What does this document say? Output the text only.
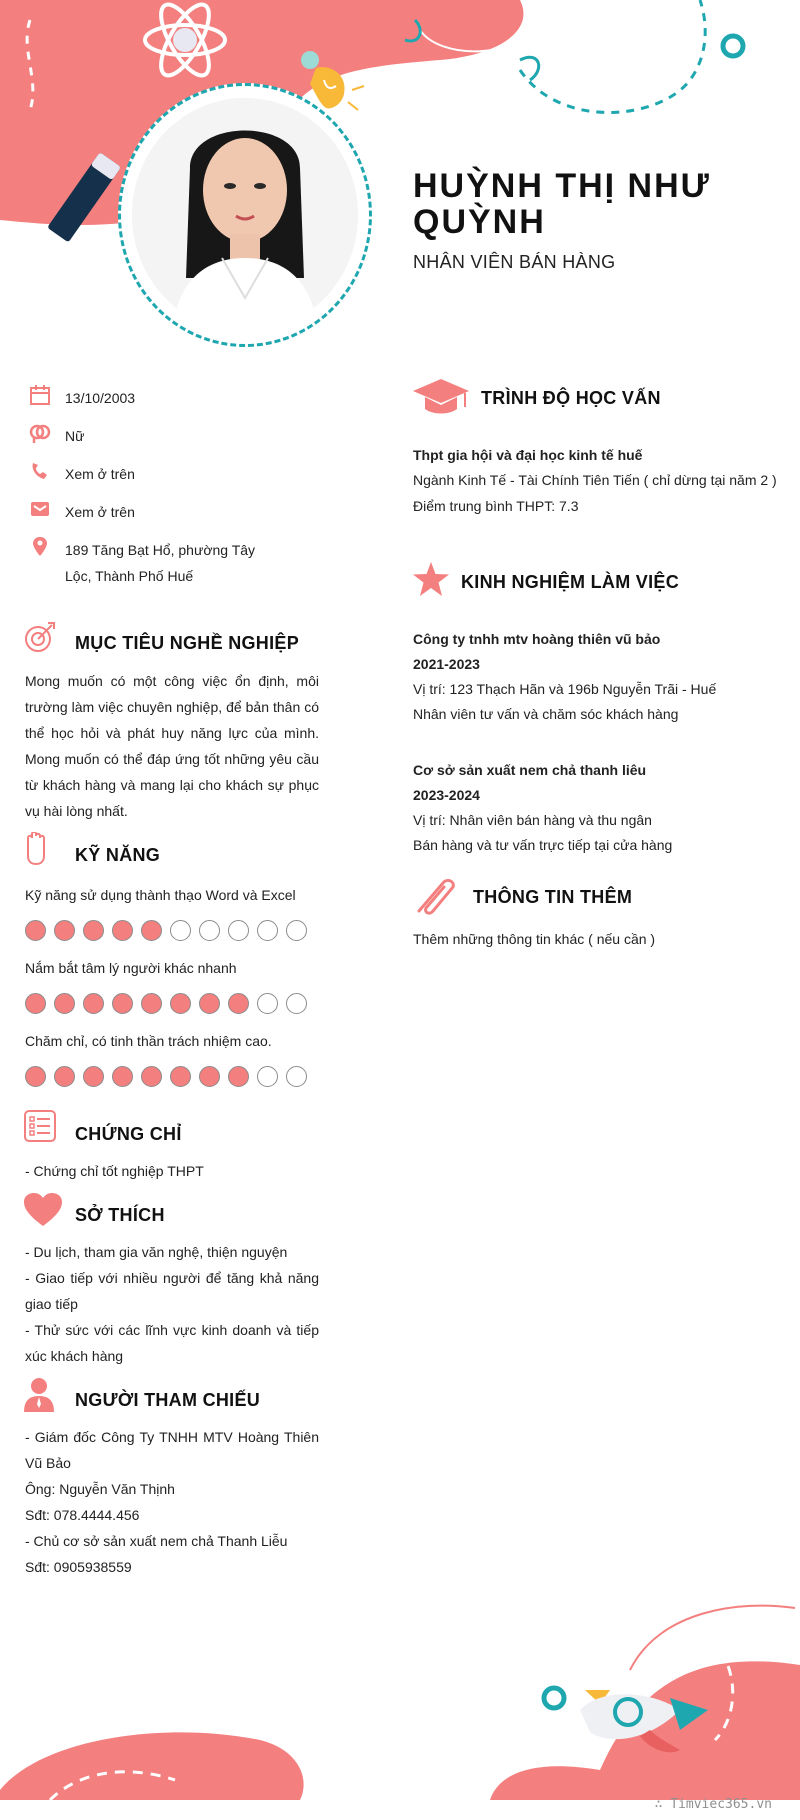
HUỲNH THỊ NHƯ QUỲNH
NHÂN VIÊN BÁN HÀNG
13/10/2003
Nữ
Xem ở trên
Xem ở trên
189 Tăng Bạt Hổ, phường Tây Lộc, Thành Phố Huế
MỤC TIÊU NGHỀ NGHIỆP
Mong muốn có một công việc ổn định, môi trường làm việc chuyên nghiệp, để bản thân có thể học hỏi và phát huy năng lực của mình. Mong muốn có thể đáp ứng tốt những yêu cầu từ khách hàng và mang lại cho khách sự phục vụ hài lòng nhất.
KỸ NĂNG
Kỹ năng sử dụng thành thạo Word và Excel
Nắm bắt tâm lý người khác nhanh
Chăm chỉ, có tinh thần trách nhiệm cao.
CHỨNG CHỈ
- Chứng chỉ tốt nghiệp THPT
SỞ THÍCH
- Du lịch, tham gia văn nghệ, thiện nguyện
- Giao tiếp với nhiều người để tăng khả năng giao tiếp
- Thử sức với các lĩnh vực kinh doanh và tiếp xúc khách hàng
NGƯỜI THAM CHIẾU
- Giám đốc Công Ty TNHH MTV Hoàng Thiên Vũ Bảo
Ông: Nguyễn Văn Thịnh
Sđt: 078.4444.456
- Chủ cơ sở sản xuất nem chả Thanh Liễu
Sđt: 0905938559
TRÌNH ĐỘ HỌC VẤN
Thpt gia hội và đại học kinh tế huế
Ngành Kinh Tế - Tài Chính Tiên Tiến ( chỉ dừng tại năm 2 )
Điểm trung bình THPT: 7.3
KINH NGHIỆM LÀM VIỆC
Công ty tnhh mtv hoàng thiên vũ bảo
2021-2023
Vị trí: 123 Thạch Hãn và 196b Nguyễn Trãi - Huế
Nhân viên tư vấn và chăm sóc khách hàng
Cơ sở sản xuất nem chả thanh liêu
2023-2024
Vị trí: Nhân viên bán hàng và thu ngân
Bán hàng và tư vấn trực tiếp tại cửa hàng
THÔNG TIN THÊM
Thêm những thông tin khác ( nếu cần )
∴ Timviec365.vn
